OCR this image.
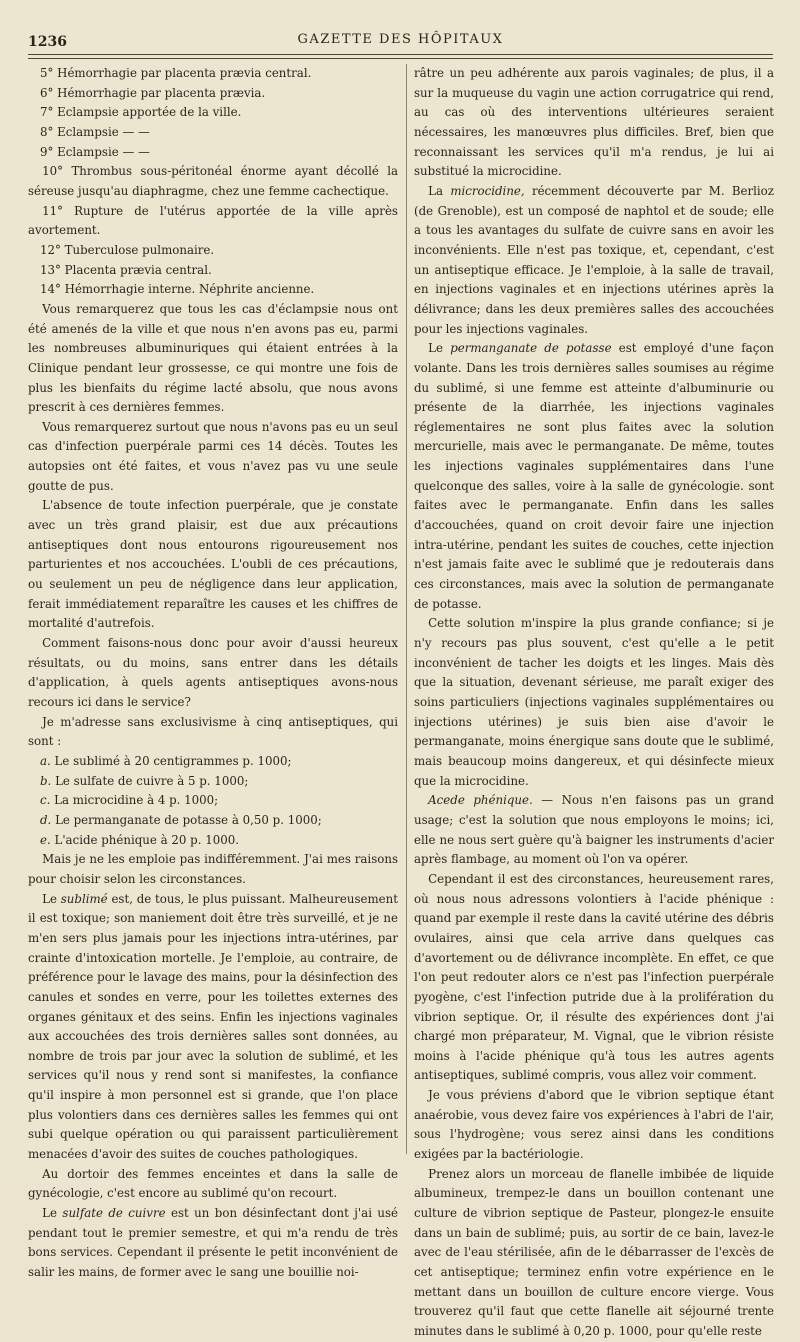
1236	GAZETTE DES HÔPITAUX

5° Hémorrhagie par placenta prævia central.

6° Hémorrhagie par placenta prævia.

7° Eclampsie apportée de la ville.

8° Eclampsie — —

9° Eclampsie — —

10° Thrombus sous-péritonéal énorme ayant décollé la séreuse jusqu'au diaphragme, chez une femme cachectique.

11° Rupture de l'utérus apportée de la ville après avortement.

12° Tuberculose pulmonaire.

13° Placenta prævia central.

14° Hémorrhagie interne. Néphrite ancienne.

Vous remarquerez que tous les cas d'éclampsie nous ont été amenés de la ville et que nous n'en avons pas eu, parmi les nombreuses albuminuriques qui étaient entrées à la Clinique pendant leur grossesse, ce qui montre une fois de plus les bienfaits du régime lacté absolu, que nous avons prescrit à ces dernières femmes.

Vous remarquerez surtout que nous n'avons pas eu un seul cas d'infection puerpérale parmi ces 14 décès. Toutes les autopsies ont été faites, et vous n'avez pas vu une seule goutte de pus.

L'absence de toute infection puerpérale, que je constate avec un très grand plaisir, est due aux précautions antiseptiques dont nous entourons rigoureusement nos parturientes et nos accouchées. L'oubli de ces précautions, ou seulement un peu de négligence dans leur application, ferait immédiatement reparaître les causes et les chiffres de mortalité d'autrefois.

Comment faisons-nous donc pour avoir d'aussi heureux résultats, ou du moins, sans entrer dans les détails d'application, à quels agents antiseptiques avons-nous recours ici dans le service?

Je m'adresse sans exclusivisme à cinq antiseptiques, qui sont :

a. Le sublimé à 20 centigrammes p. 1000;

b. Le sulfate de cuivre à 5 p. 1000;

c. La microcidine à 4 p. 1000;

d. Le permanganate de potasse à 0,50 p. 1000;

e. L'acide phénique à 20 p. 1000.

Mais je ne les emploie pas indifféremment. J'ai mes raisons pour choisir selon les circonstances.

Le sublimé est, de tous, le plus puissant. Malheureusement il est toxique; son maniement doit être très surveillé, et je ne m'en sers plus jamais pour les injections intra-utérines, par crainte d'intoxication mortelle. Je l'emploie, au contraire, de préférence pour le lavage des mains, pour la désinfection des canules et sondes en verre, pour les toilettes externes des organes génitaux et des seins. Enfin les injections vaginales aux accouchées des trois dernières salles sont données, au nombre de trois par jour avec la solution de sublimé, et les services qu'il nous y rend sont si manifestes, la confiance qu'il inspire à mon personnel est si grande, que l'on place plus volontiers dans ces dernières salles les femmes qui ont subi quelque opération ou qui paraissent particulièrement menacées d'avoir des suites de couches pathologiques.

Au dortoir des femmes enceintes et dans la salle de gynécologie, c'est encore au sublimé qu'on recourt.

Le sulfate de cuivre est un bon désinfectant dont j'ai usé pendant tout le premier semestre, et qui m'a rendu de très bons services. Cependant il présente le petit inconvénient de salir les mains, de former avec le sang une bouillie noi-

râtre un peu adhérente aux parois vaginales; de plus, il a sur la muqueuse du vagin une action corrugatrice qui rend, au cas où des interventions ultérieures seraient nécessaires, les manœuvres plus difficiles. Bref, bien que reconnaissant les services qu'il m'a rendus, je lui ai substitué la microcidine.

La microcidine, récemment découverte par M. Berlioz (de Grenoble), est un composé de naphtol et de soude; elle a tous les avantages du sulfate de cuivre sans en avoir les inconvénients. Elle n'est pas toxique, et, cependant, c'est un antiseptique efficace. Je l'emploie, à la salle de travail, en injections vaginales et en injections utérines après la délivrance; dans les deux premières salles des accouchées pour les injections vaginales.

Le permanganate de potasse est employé d'une façon volante. Dans les trois dernières salles soumises au régime du sublimé, si une femme est atteinte d'albuminurie ou présente de la diarrhée, les injections vaginales réglementaires ne sont plus faites avec la solution mercurielle, mais avec le permanganate. De même, toutes les injections vaginales supplémentaires dans l'une quelconque des salles, voire à la salle de gynécologie. sont faites avec le permanganate. Enfin dans les salles d'accouchées, quand on croit devoir faire une injection intra-utérine, pendant les suites de couches, cette injection n'est jamais faite avec le sublimé que je redouterais dans ces circonstances, mais avec la solution de permanganate de potasse.

Cette solution m'inspire la plus grande confiance; si je n'y recours pas plus souvent, c'est qu'elle a le petit inconvénient de tacher les doigts et les linges. Mais dès que la situation, devenant sérieuse, me paraît exiger des soins particuliers (injections vaginales supplémentaires ou injections utérines) je suis bien aise d'avoir le permanganate, moins énergique sans doute que le sublimé, mais beaucoup moins dangereux, et qui désinfecte mieux que la microcidine.

Acede phénique. — Nous n'en faisons pas un grand usage; c'est la solution que nous employons le moins; ici, elle ne nous sert guère qu'à baigner les instruments d'acier après flambage, au moment où l'on va opérer.

Cependant il est des circonstances, heureusement rares, où nous nous adressons volontiers à l'acide phénique : quand par exemple il reste dans la cavité utérine des débris ovulaires, ainsi que cela arrive dans quelques cas d'avortement ou de délivrance incomplète. En effet, ce que l'on peut redouter alors ce n'est pas l'infection puerpérale pyogène, c'est l'infection putride due à la prolifération du vibrion septique. Or, il résulte des expériences dont j'ai chargé mon préparateur, M. Vignal, que le vibrion résiste moins à l'acide phénique qu'à tous les autres agents antiseptiques, sublimé compris, vous allez voir comment.

Je vous préviens d'abord que le vibrion septique étant anaérobie, vous devez faire vos expériences à l'abri de l'air, sous l'hydrogène; vous serez ainsi dans les conditions exigées par la bactériologie.

Prenez alors un morceau de flanelle imbibée de liquide albumineux, trempez-le dans un bouillon contenant une culture de vibrion septique de Pasteur, plongez-le ensuite dans un bain de sublimé; puis, au sortir de ce bain, lavez-le avec de l'eau stérilisée, afin de le débarrasser de l'excès de cet antiseptique; terminez enfin votre expérience en le mettant dans un bouillon de culture encore vierge. Vous trouverez qu'il faut que cette flanelle ait séjourné trente minutes dans le sublimé à 0,20 p. 1000, pour qu'elle reste
